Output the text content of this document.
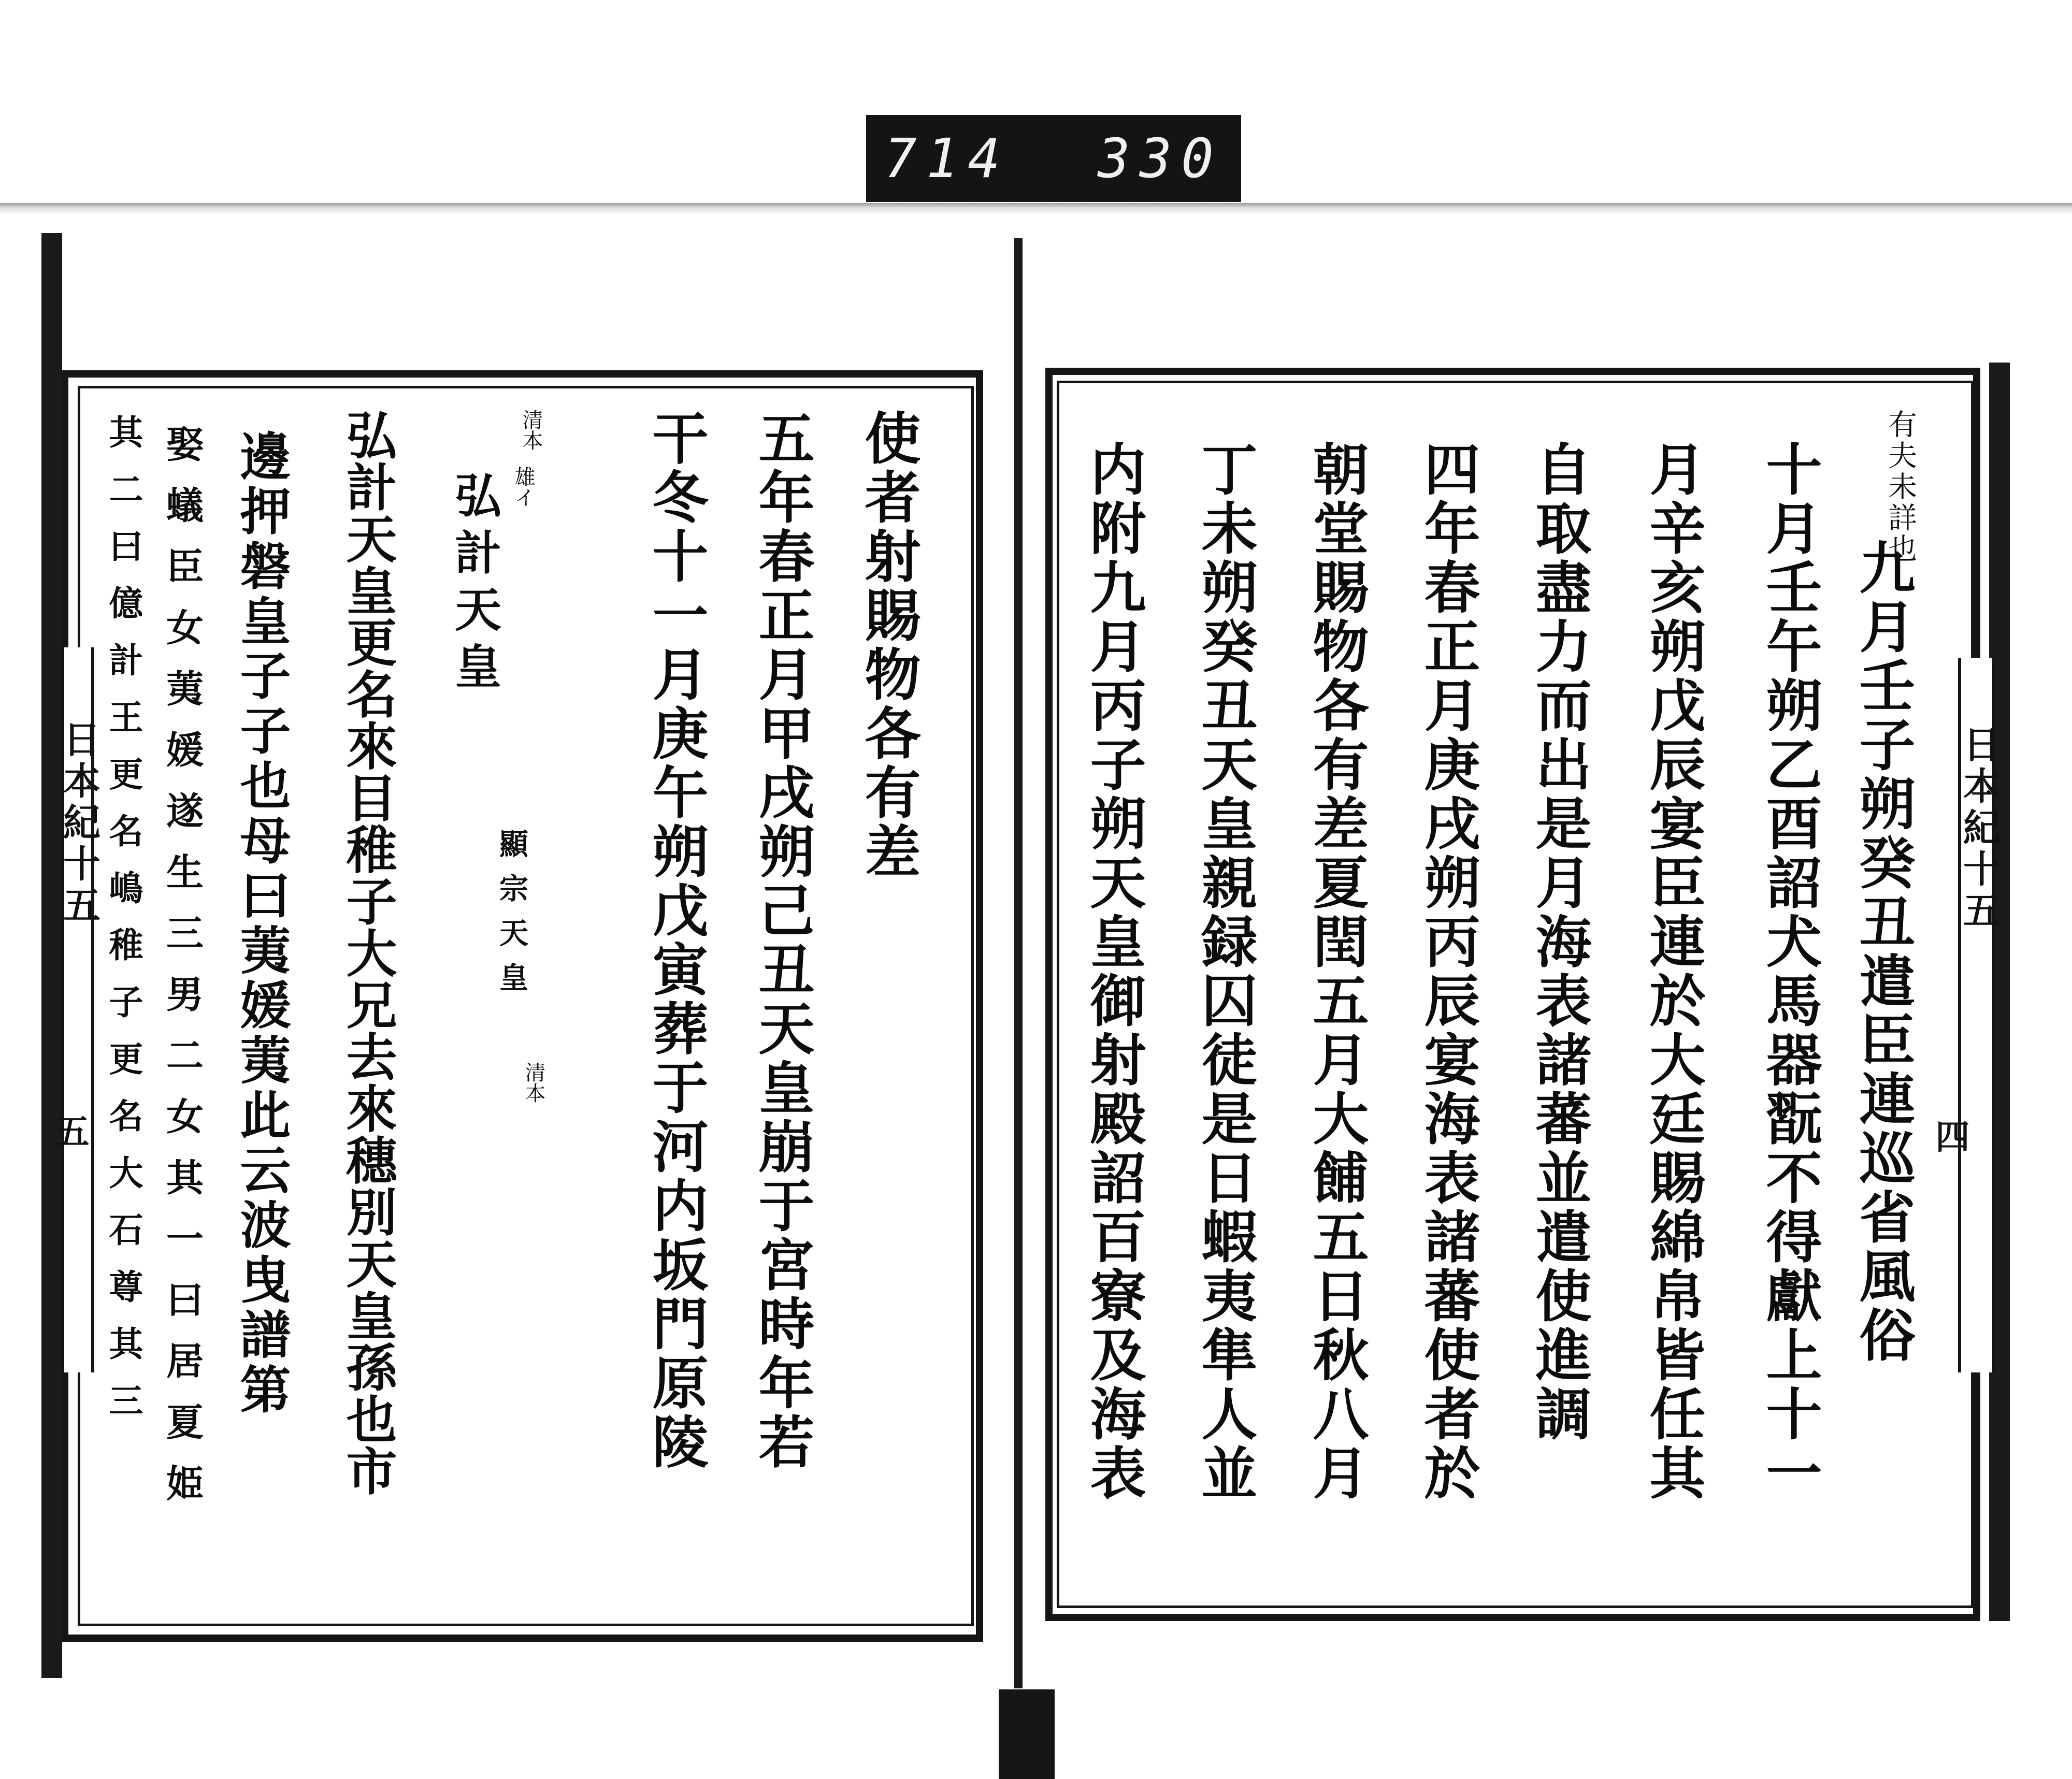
714 330
日本紀十五
五
日本紀十五
四
九月壬子朔癸丑遣臣連巡省風俗
有夫未詳也
十月壬午朔乙酉詔犬馬器翫不得獻上十一
月辛亥朔戊辰宴臣連於大廷賜綿帛皆任其
自取盡力而出是月海表諸蕃並遣使進調
四年春正月庚戌朔丙辰宴海表諸蕃使者於
朝堂賜物各有差夏閏五月大餔五日秋八月
丁未朔癸丑天皇親録囚徒是日蝦夷隼人並
内附九月丙子朔天皇御射殿詔百寮及海表
使者射賜物各有差
五年春正月甲戌朔己丑天皇崩于宮時年若
干冬十一月庚午朔戊寅葬于河内坂門原陵
清本
弘計天皇 雄イ
顯宗天皇
清本
弘計天皇更名來目稚子大兄去來穗別天皇孫也市
邊押磐皇子子也母曰荑媛荑此云波曳譜第
娶蟻臣女荑媛遂生三男二女其一曰居夏姫
其二曰億計王更名嶋稚子更名大石尊其三
